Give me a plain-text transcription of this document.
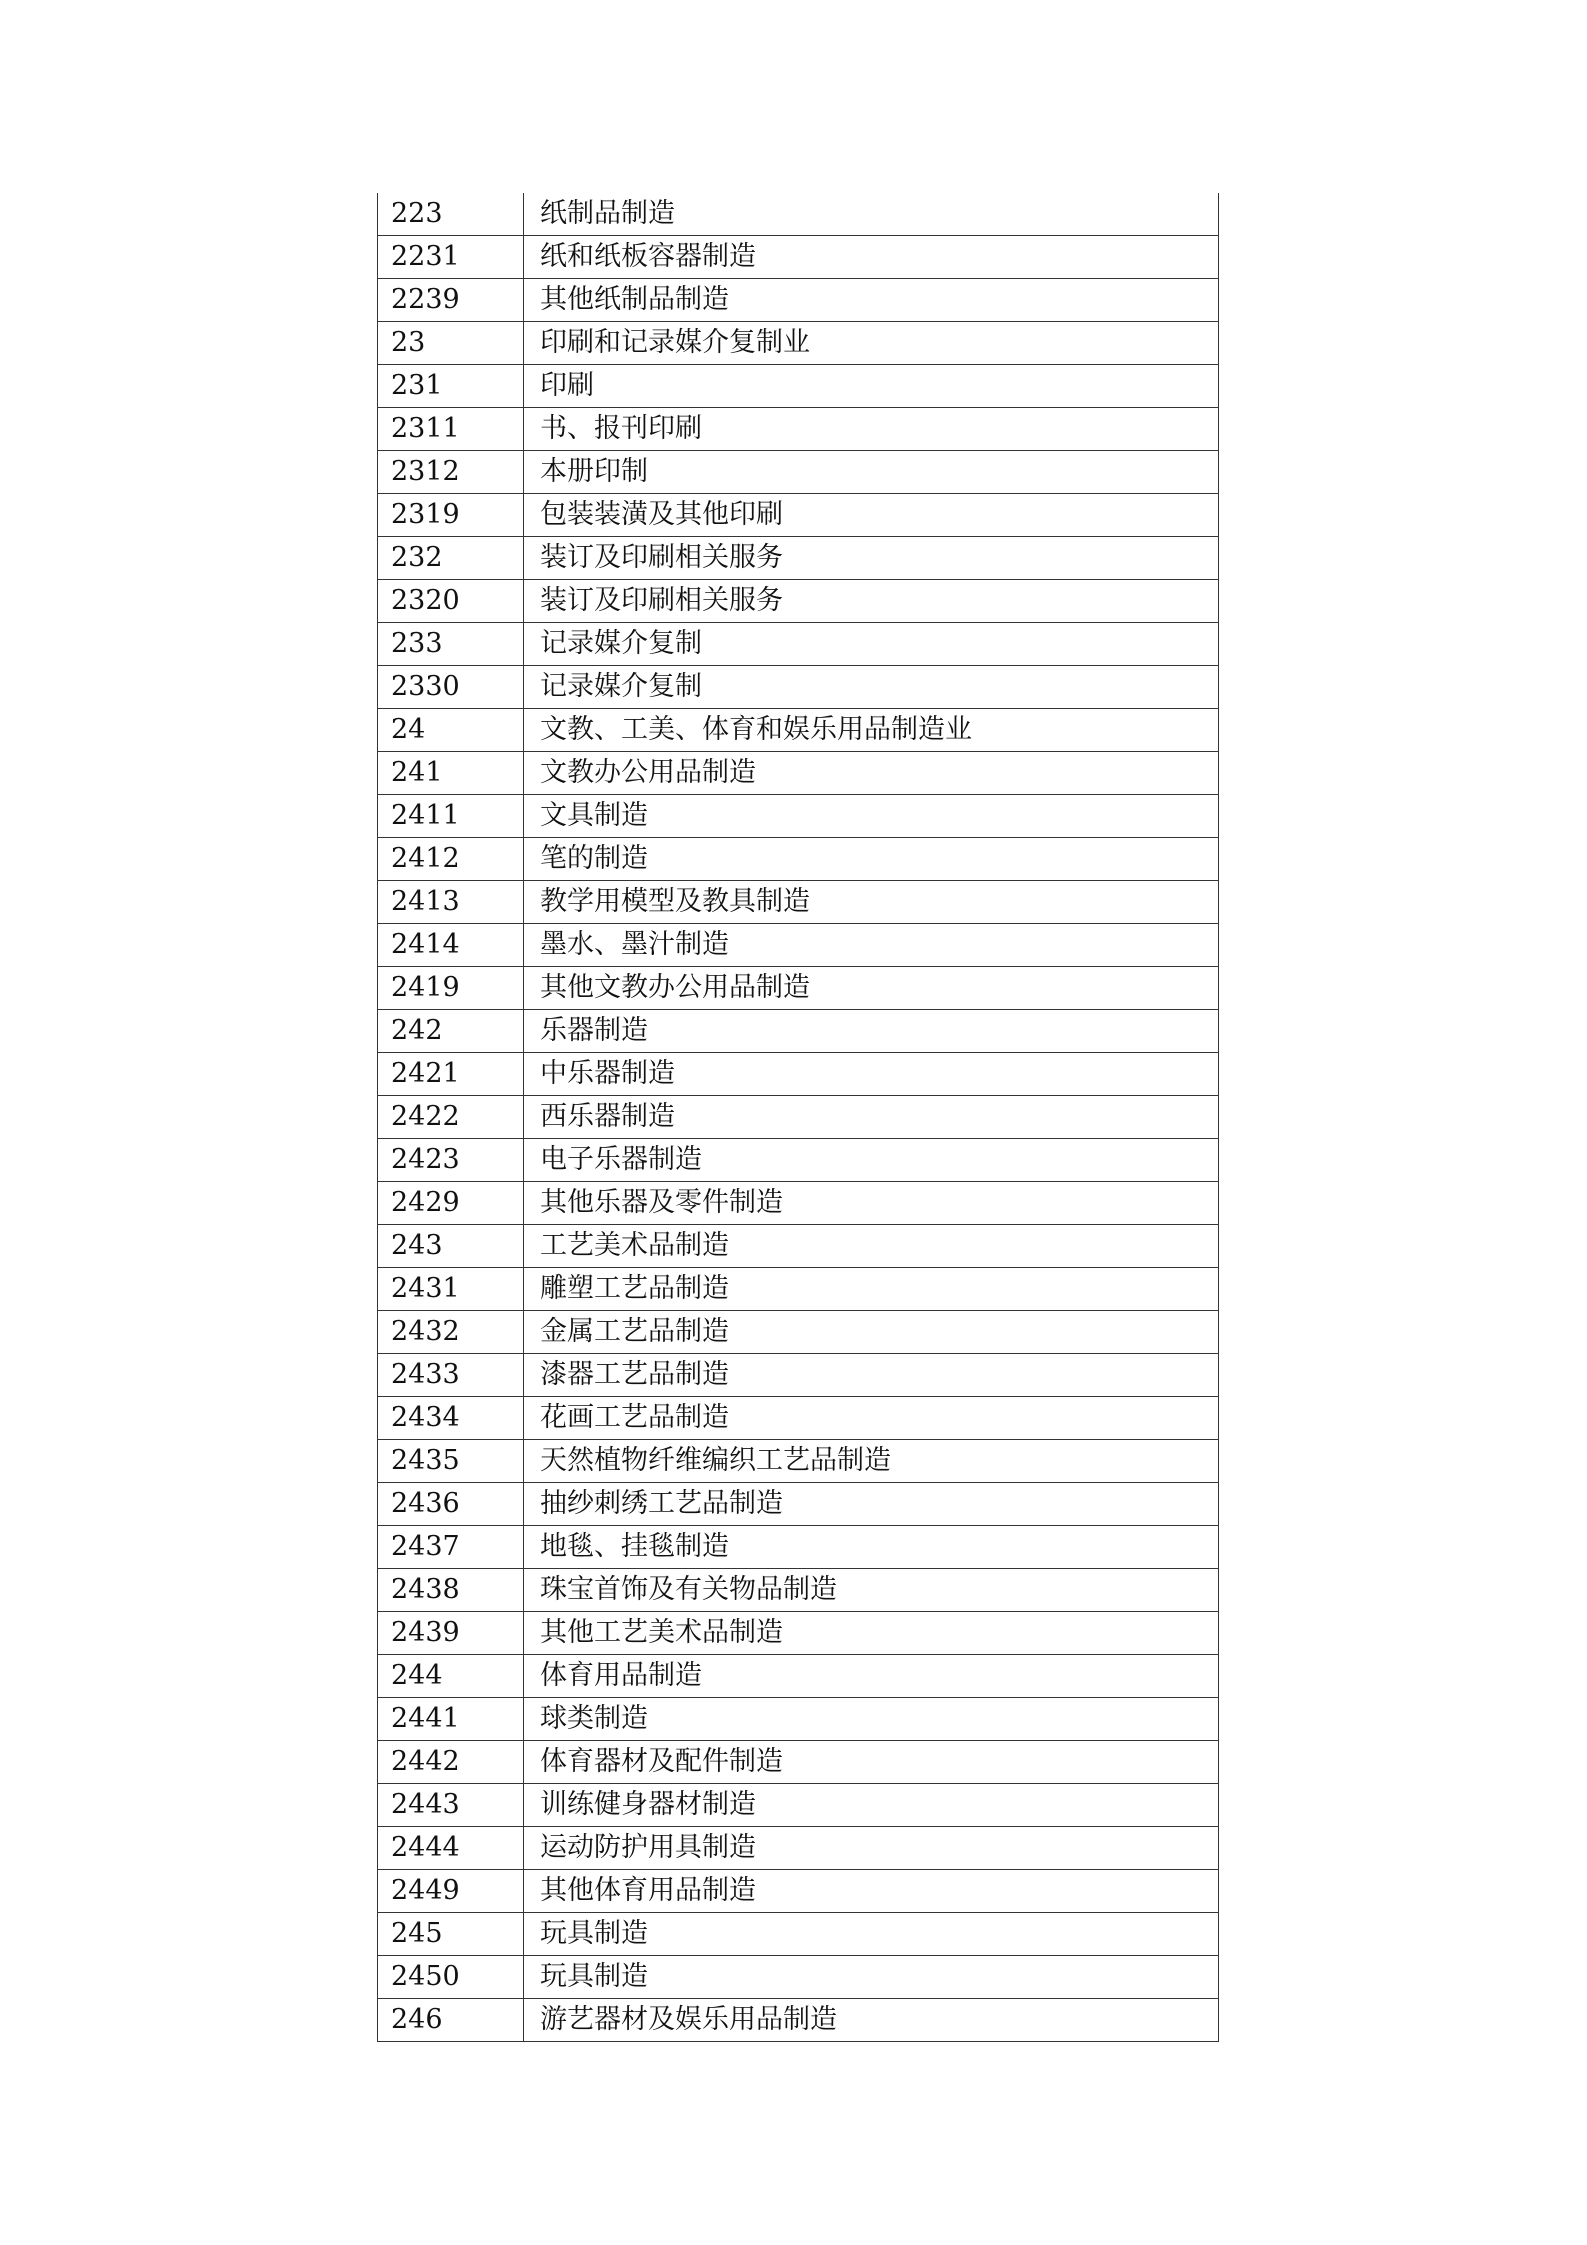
223	纸制品制造
2231	纸和纸板容器制造
2239	其他纸制品制造
23	印刷和记录媒介复制业
231	印刷
2311	书、报刊印刷
2312	本册印制
2319	包装装潢及其他印刷
232	装订及印刷相关服务
2320	装订及印刷相关服务
233	记录媒介复制
2330	记录媒介复制
24	文教、工美、体育和娱乐用品制造业
241	文教办公用品制造
2411	文具制造
2412	笔的制造
2413	教学用模型及教具制造
2414	墨水、墨汁制造
2419	其他文教办公用品制造
242	乐器制造
2421	中乐器制造
2422	西乐器制造
2423	电子乐器制造
2429	其他乐器及零件制造
243	工艺美术品制造
2431	雕塑工艺品制造
2432	金属工艺品制造
2433	漆器工艺品制造
2434	花画工艺品制造
2435	天然植物纤维编织工艺品制造
2436	抽纱刺绣工艺品制造
2437	地毯、挂毯制造
2438	珠宝首饰及有关物品制造
2439	其他工艺美术品制造
244	体育用品制造
2441	球类制造
2442	体育器材及配件制造
2443	训练健身器材制造
2444	运动防护用具制造
2449	其他体育用品制造
245	玩具制造
2450	玩具制造
246	游艺器材及娱乐用品制造
